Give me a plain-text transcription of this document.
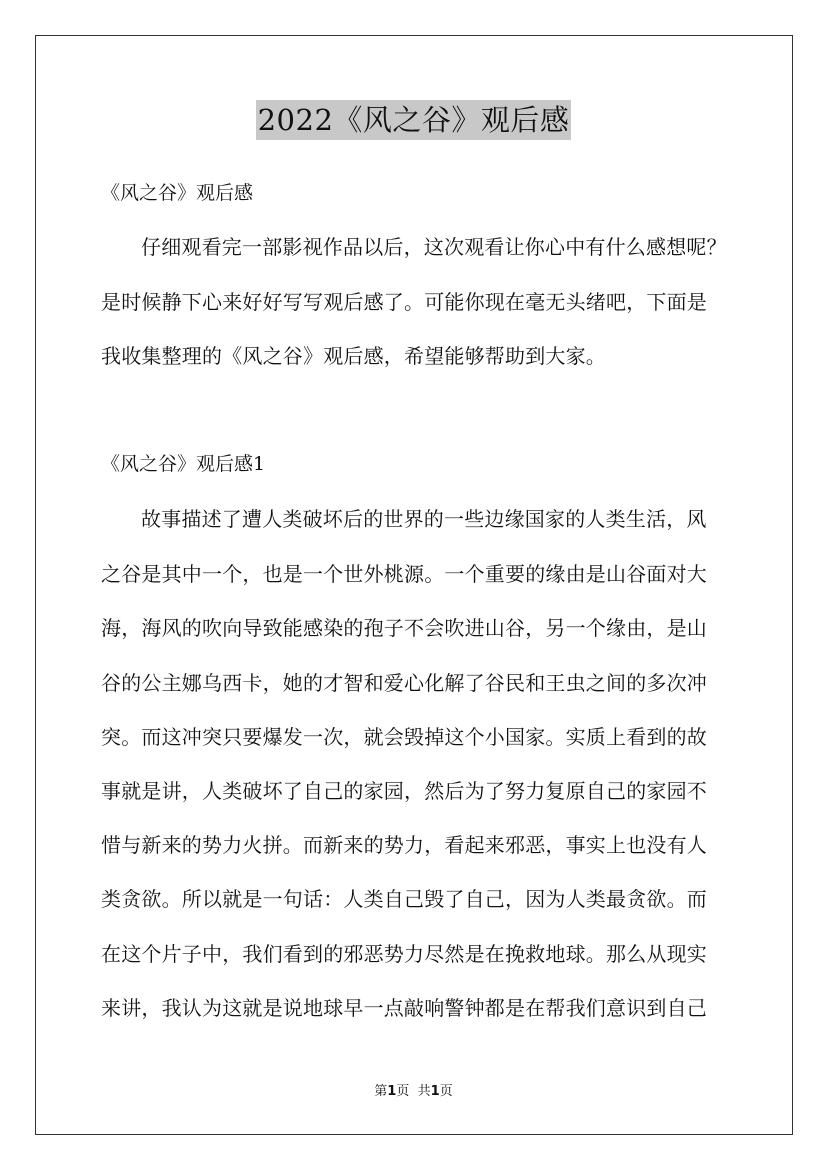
2022《风之谷》观后感
《风之谷》观后感
仔细观看完一部影视作品以后，这次观看让你心中有什么感想呢？
是时候静下心来好好写写观后感了。可能你现在毫无头绪吧，下面是
我收集整理的《风之谷》观后感，希望能够帮助到大家。
《风之谷》观后感1
故事描述了遭人类破坏后的世界的一些边缘国家的人类生活，风
之谷是其中一个，也是一个世外桃源。一个重要的缘由是山谷面对大
海，海风的吹向导致能感染的孢子不会吹进山谷，另一个缘由，是山
谷的公主娜乌西卡，她的才智和爱心化解了谷民和王虫之间的多次冲
突。而这冲突只要爆发一次，就会毁掉这个小国家。实质上看到的故
事就是讲，人类破坏了自己的家园，然后为了努力复原自己的家园不
惜与新来的势力火拼。而新来的势力，看起来邪恶，事实上也没有人
类贪欲。所以就是一句话：人类自己毁了自己，因为人类最贪欲。而
在这个片子中，我们看到的邪恶势力尽然是在挽救地球。那么从现实
来讲，我认为这就是说地球早一点敲响警钟都是在帮我们意识到自己
第1页 共1页
